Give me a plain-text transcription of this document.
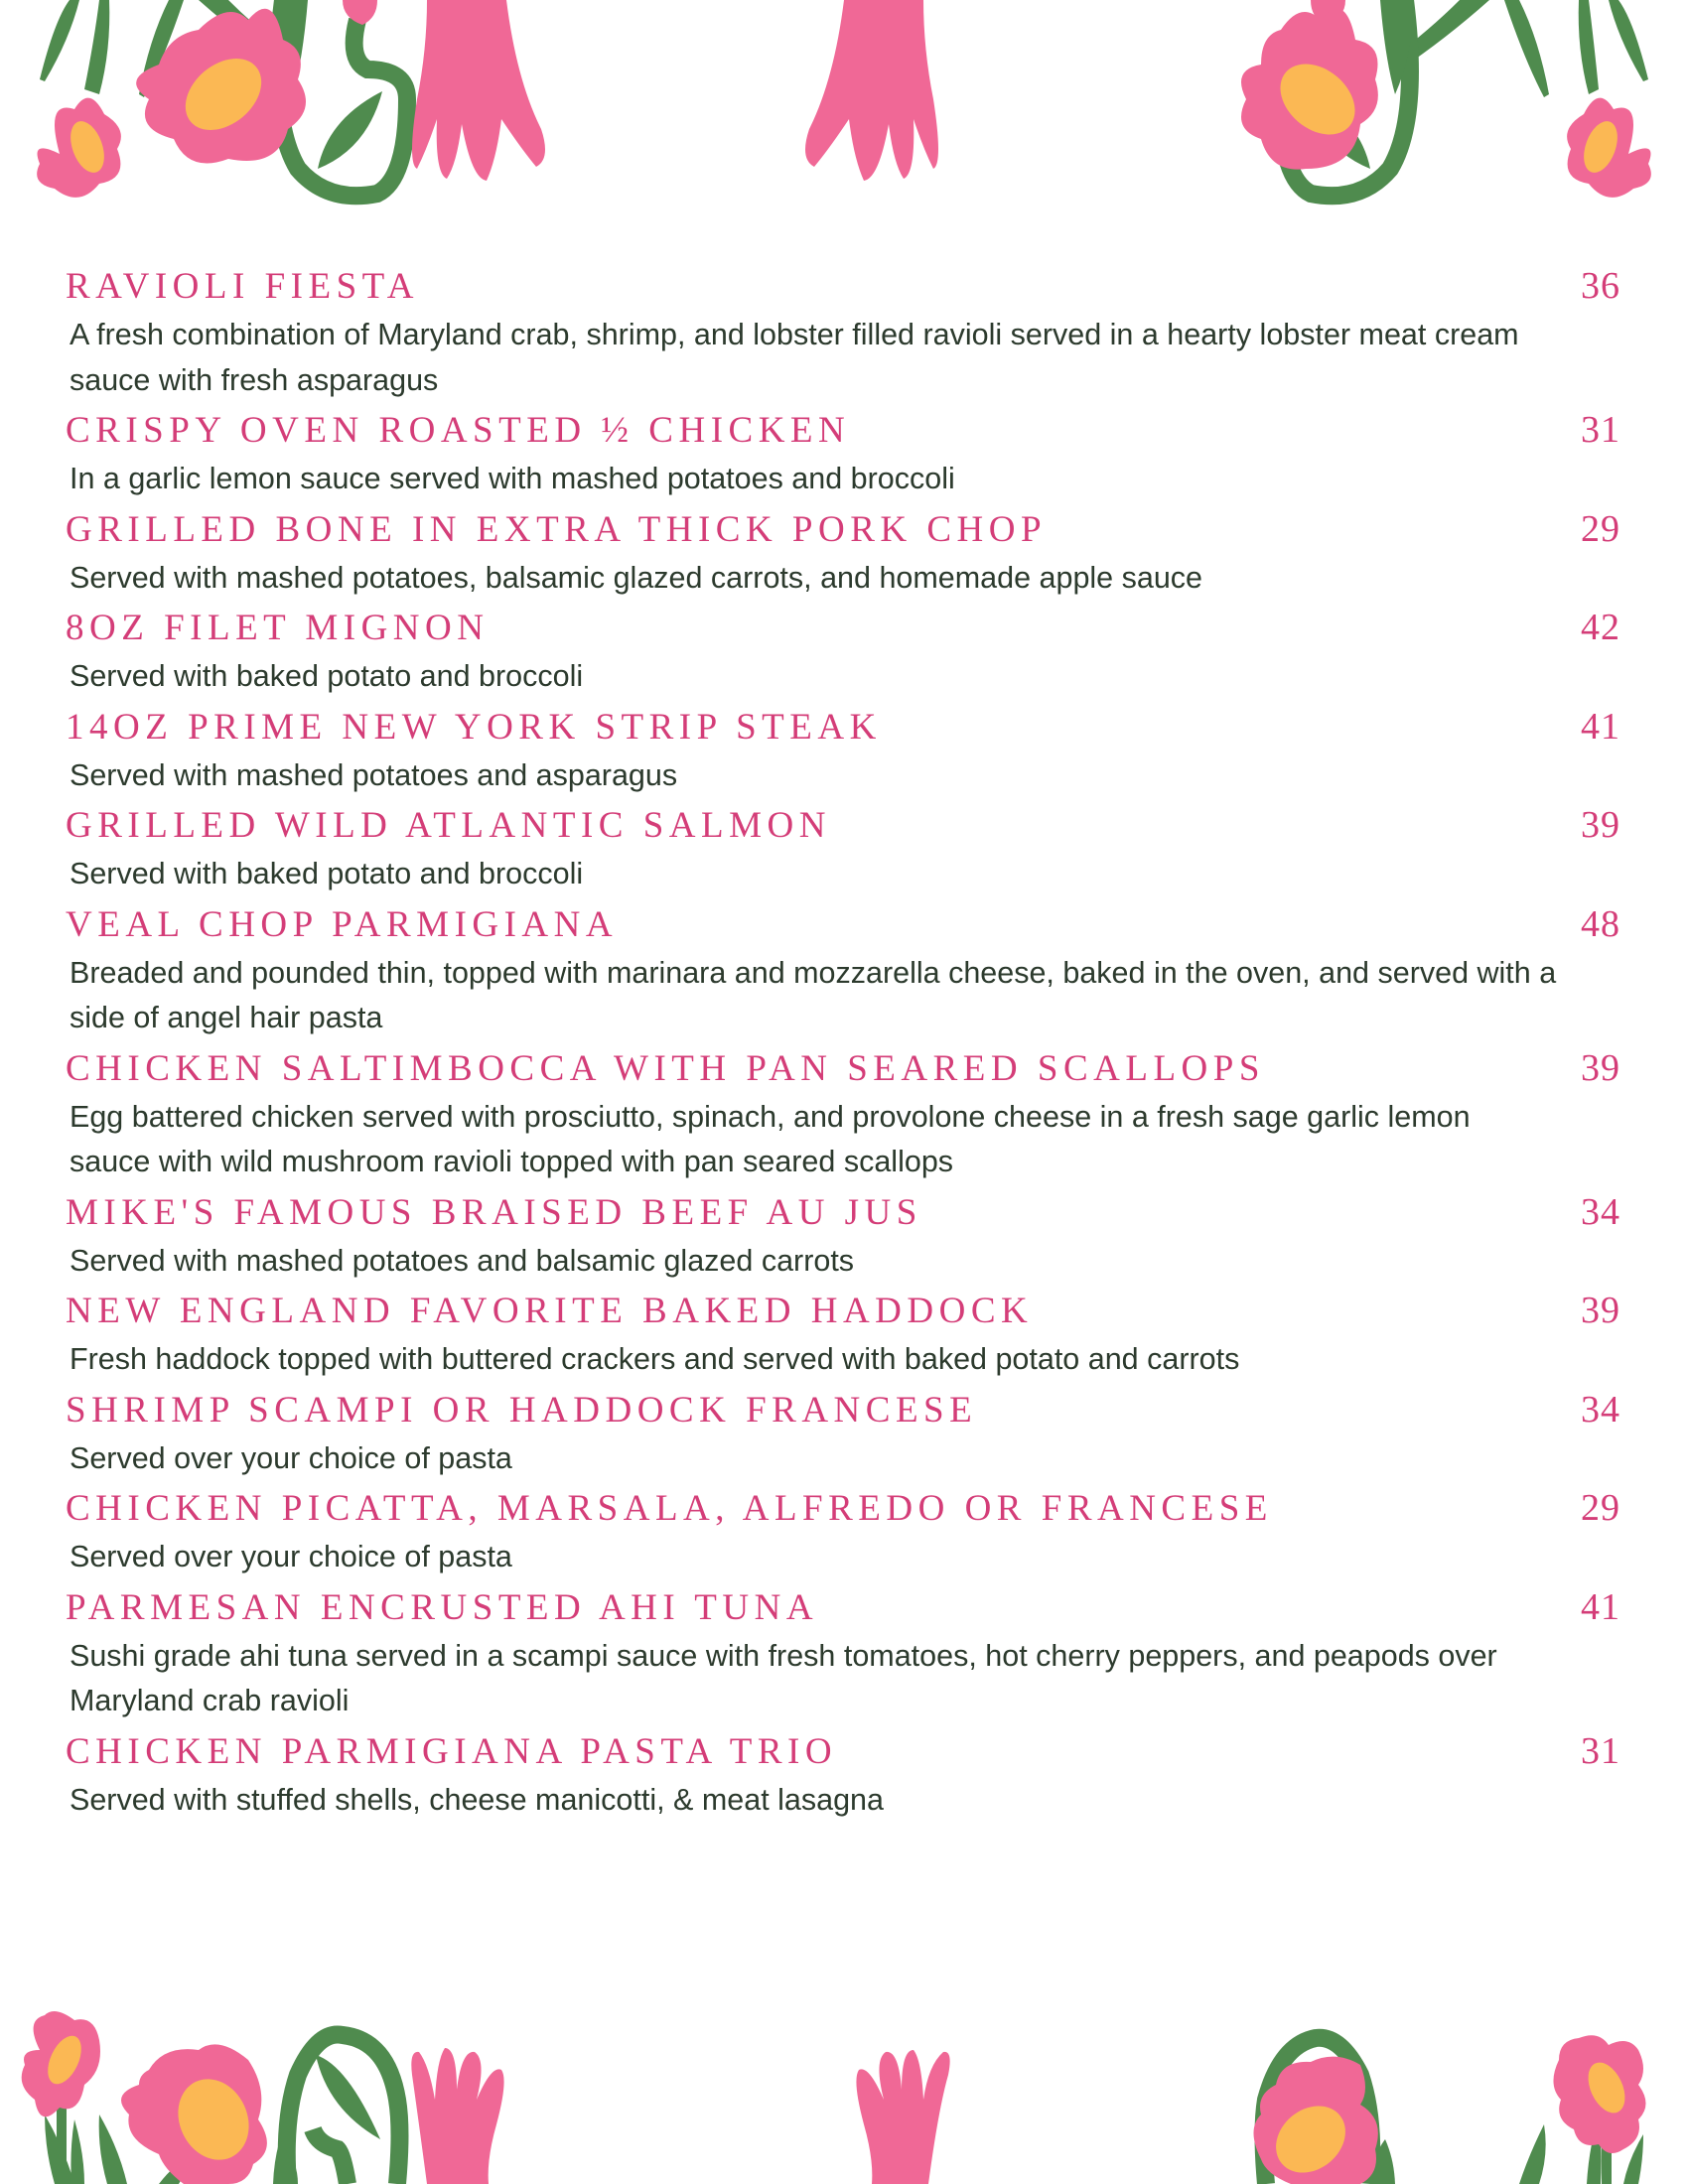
RAVIOLI FIESTA	36
A fresh combination of Maryland crab, shrimp, and lobster filled ravioli served in a hearty lobster meat cream sauce with fresh asparagus
CRISPY OVEN ROASTED ½ CHICKEN	31
In a garlic lemon sauce served with mashed potatoes and broccoli
GRILLED BONE IN EXTRA THICK PORK CHOP	29
Served with mashed potatoes, balsamic glazed carrots, and homemade apple sauce
8OZ FILET MIGNON	42
Served with baked potato and broccoli
14OZ PRIME NEW YORK STRIP STEAK	41
Served with mashed potatoes and asparagus
GRILLED WILD ATLANTIC SALMON	39
Served with baked potato and broccoli
VEAL CHOP PARMIGIANA	48
Breaded and pounded thin, topped with marinara and mozzarella cheese, baked in the oven, and served with a side of angel hair pasta
CHICKEN SALTIMBOCCA WITH PAN SEARED SCALLOPS	39
Egg battered chicken served with prosciutto, spinach, and provolone cheese in a fresh sage garlic lemon sauce with wild mushroom ravioli topped with pan seared scallops
MIKE'S FAMOUS BRAISED BEEF AU JUS	34
Served with mashed potatoes and balsamic glazed carrots
NEW ENGLAND FAVORITE BAKED HADDOCK	39
Fresh haddock topped with buttered crackers and served with baked potato and carrots
SHRIMP SCAMPI OR HADDOCK FRANCESE	34
Served over your choice of pasta
CHICKEN PICATTA, MARSALA, ALFREDO OR FRANCESE	29
Served over your choice of pasta
PARMESAN ENCRUSTED AHI TUNA	41
Sushi grade ahi tuna served in a scampi sauce with fresh tomatoes, hot cherry peppers, and peapods over Maryland crab ravioli
CHICKEN PARMIGIANA PASTA TRIO	31
Served with stuffed shells, cheese manicotti, & meat lasagna
